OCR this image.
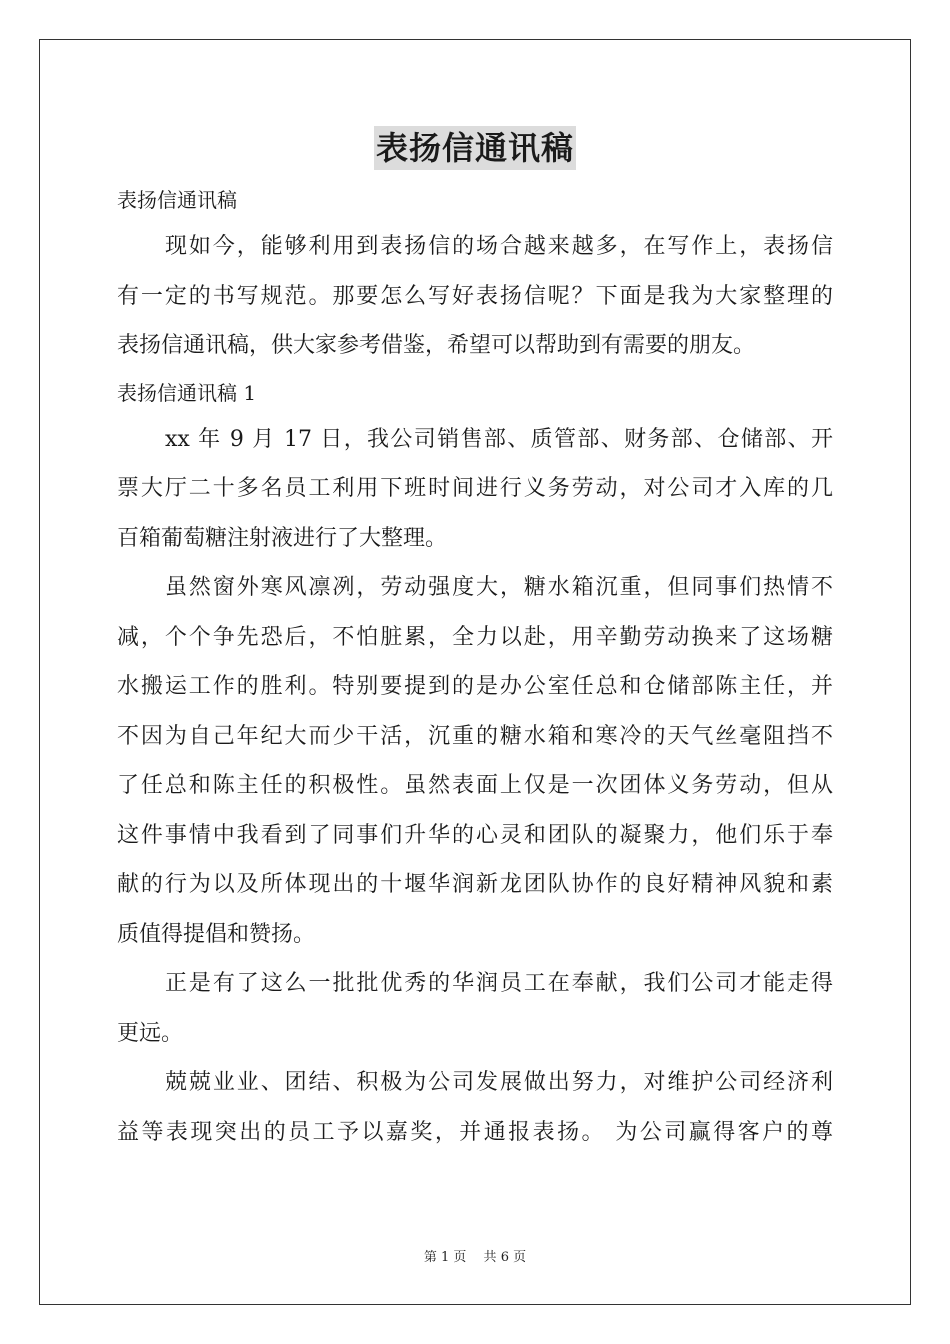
表扬信通讯稿
表扬信通讯稿
现如今，能够利用到表扬信的场合越来越多，在写作上，表扬信
有一定的书写规范。那要怎么写好表扬信呢？下面是我为大家整理的
表扬信通讯稿，供大家参考借鉴，希望可以帮助到有需要的朋友。
表扬信通讯稿 1
xx 年 9 月 17 日，我公司销售部、质管部、财务部、仓储部、开
票大厅二十多名员工利用下班时间进行义务劳动，对公司才入库的几
百箱葡萄糖注射液进行了大整理。
虽然窗外寒风凛冽，劳动强度大，糖水箱沉重，但同事们热情不
减，个个争先恐后，不怕脏累，全力以赴，用辛勤劳动换来了这场糖
水搬运工作的胜利。特别要提到的是办公室任总和仓储部陈主任，并
不因为自己年纪大而少干活，沉重的糖水箱和寒冷的天气丝毫阻挡不
了任总和陈主任的积极性。虽然表面上仅是一次团体义务劳动，但从
这件事情中我看到了同事们升华的心灵和团队的凝聚力，他们乐于奉
献的行为以及所体现出的十堰华润新龙团队协作的良好精神风貌和素
质值得提倡和赞扬。
正是有了这么一批批优秀的华润员工在奉献，我们公司才能走得
更远。
兢兢业业、团结、积极为公司发展做出努力，对维护公司经济利
益等表现突出的员工予以嘉奖，并通报表扬。 为公司赢得客户的尊
第 1 页　 共 6 页
